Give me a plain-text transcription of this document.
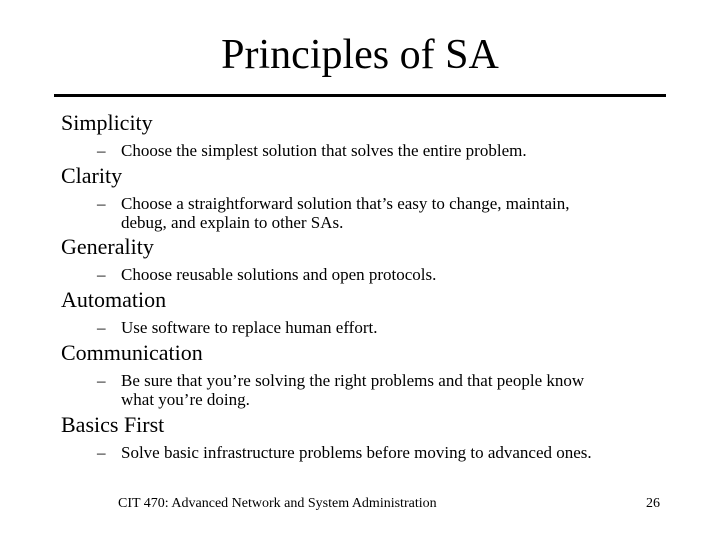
Principles of SA
Simplicity
– Choose the simplest solution that solves the entire problem.
Clarity
– Choose a straightforward solution that’s easy to change, maintain,
debug, and explain to other SAs.
Generality
– Choose reusable solutions and open protocols.
Automation
– Use software to replace human effort.
Communication
– Be sure that you’re solving the right problems and that people know
what you’re doing.
Basics First
– Solve basic infrastructure problems before moving to advanced ones.
CIT 470: Advanced Network and System Administration	26
